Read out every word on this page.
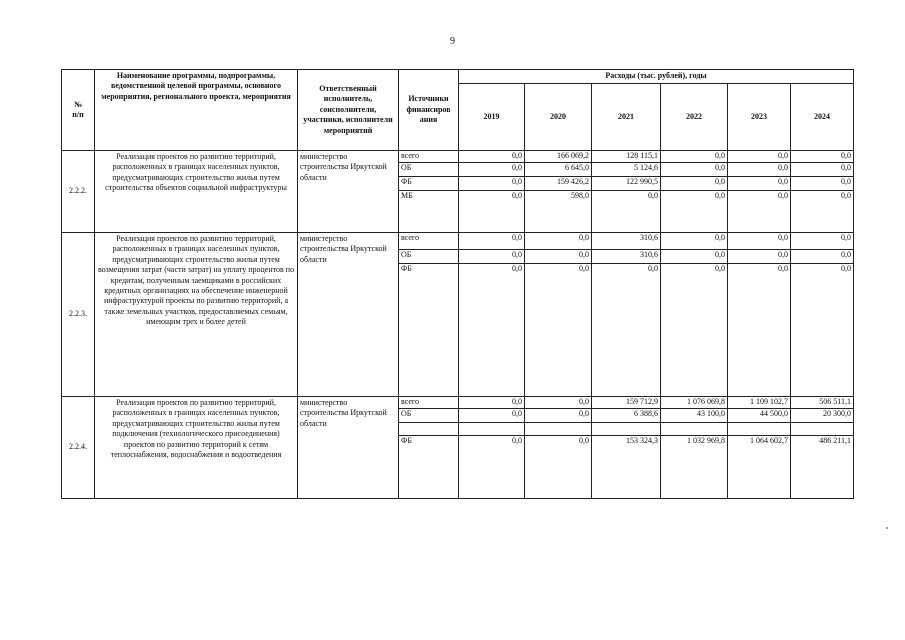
9
№
п/п
Наименование программы, подпрограммы, ведомственной целевой программы, основного мероприятия, регионального проекта, мероприятия
Ответственный исполнитель, соисполнители, участники, исполнители мероприятий
Источники финансиров ания
Расходы (тыс. рублей), годы
2019	2020	2021	2022	2023	2024
2.2.2.
Реализация проектов по развитию территорий, расположенных в границах населенных пунктов, предусматривающих строительство жилья путем строительства объектов социальной инфраструктуры
министерство строительства Иркутской области
всего	0,0	166 069,2	128 115,1	0,0	0,0	0,0
ОБ	0,0	6 645,0	5 124,6	0,0	0,0	0,0
ФБ	0,0	159 426,2	122 990,5	0,0	0,0	0,0
МБ	0,0	598,0	0,0	0,0	0,0	0,0
2.2.3.
Реализация проектов по развитию территорий, расположенных в границах населенных пунктов, предусматривающих строительство жилья путем возмещения затрат (части затрат) на уплату процентов по кредитам, полученным заемщиками в российских кредитных организациях на обеспечение инженерной инфраструктурой проекты по развитию территорий, а также земельных участков, предоставляемых семьям, имеющим трех и более детей
министерство строительства Иркутской области
всего	0,0	0,0	310,6	0,0	0,0	0,0
ОБ	0,0	0,0	310,6	0,0	0,0	0,0
ФБ	0,0	0,0	0,0	0,0	0,0	0,0
2.2.4.
Реализация проектов по развитию территорий, расположенных в границах населенных пунктов, предусматривающих строительство жилья путем подключения (технологического присоединения) проектов по развитию территорий к сетям теплоснабжения, водоснабжения и водоотведения
министерство строительства Иркутской области
всего	0,0	0,0	159 712,9	1 076 069,8	1 109 102,7	506 511,1
ОБ	0,0	0,0	6 388,6	43 100,0	44 500,0	20 300,0
ФБ	0,0	0,0	153 324,3	1 032 969,8	1 064 602,7	486 211,1
